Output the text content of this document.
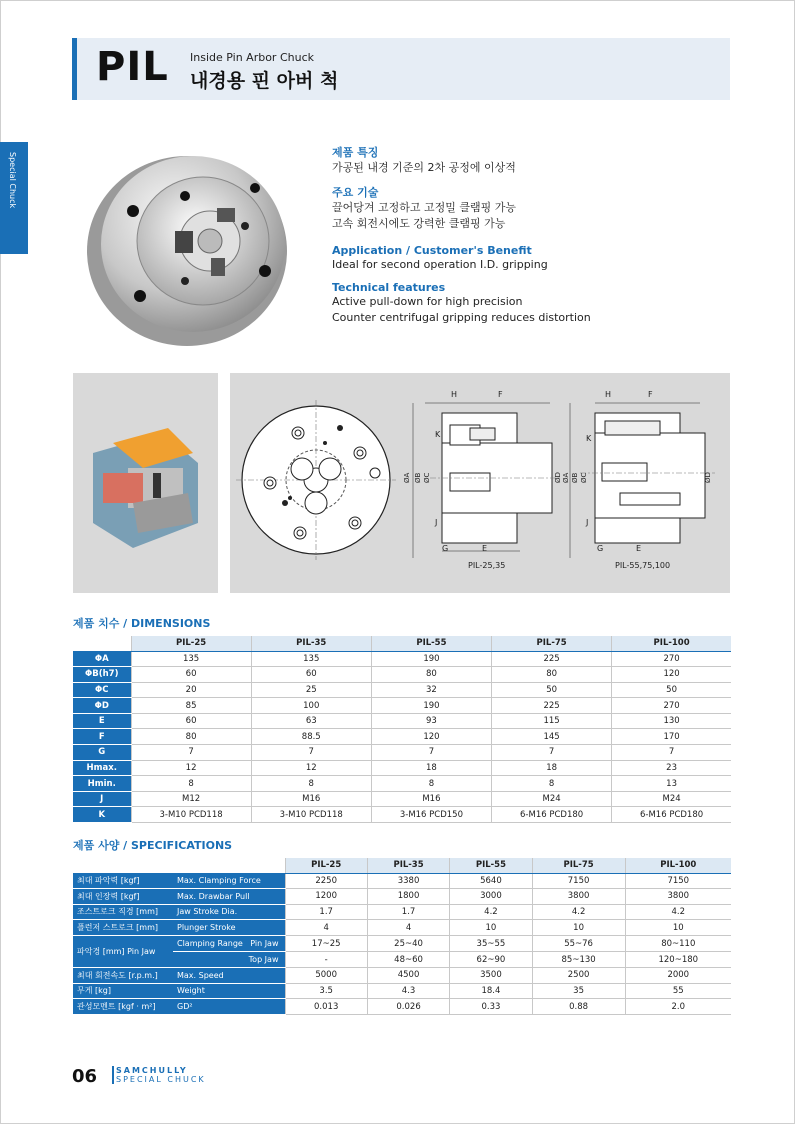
PIL Inside Pin Arbor Chuck
내경용 핀 아버 척
Special Chuck	제품 특징
가공된 내경 기준의 2차 공정에 이상적
주요 기술
끌어당겨 고정하고 고정밀 클램핑 가능
고속 회전시에도 강력한 클램핑 가능
Application / Customer's Benefit
Ideal for second operation I.D. gripping
Technical features
Active pull-down for high precision
Counter centrifugal gripping reduces distortion
H	F
K
J
G	E
ØA ØB ØC	ØD
PIL-25,35
H	F
K
J
G	E
ØA ØB ØC	ØD
PIL-55,75,100
제품 치수 / DIMENSIONS
	PIL-25	PIL-35	PIL-55	PIL-75	PIL-100
ΦA	135	135	190	225	270
ΦB(h7)	60	60	80	80	120
ΦC	20	25	32	50	50
ΦD	85	100	190	225	270
E	60	63	93	115	130
F	80	88.5	120	145	170
G	7	7	7	7	7
Hmax.	12	12	18	18	23
Hmin.	8	8	8	8	13
J	M12	M16	M16	M24	M24
K	3-M10 PCD118	3-M10 PCD118	3-M16 PCD150	6-M16 PCD180	6-M16 PCD180
제품 사양 / SPECIFICATIONS
		PIL-25	PIL-35	PIL-55	PIL-75	PIL-100
최대 파악력 [kgf]	Max. Clamping Force	2250	3380	5640	7150	7150
최대 인장력 [kgf]	Max. Drawbar Pull	1200	1800	3000	3800	3800
조스트로크 직경 [mm]	Jaw Stroke Dia.	1.7	1.7	4.2	4.2	4.2
플런저 스트로크 [mm]	Plunger Stroke	4	4	10	10	10
파악경 [mm] Pin Jaw	Clamping Range Pin Jaw	17~25	25~40	35~55	55~76	80~110
	Top Jaw	-	48~60	62~90	85~130	120~180
최대 회전속도 [r.p.m.]	Max. Speed	5000	4500	3500	2500	2000
무게 [kg]	Weight	3.5	4.3	18.4	35	55
관성모멘트 [kgf · m²]	GD²	0.013	0.026	0.33	0.88	2.0
06 SAMCHULLY
SPECIAL CHUCK
